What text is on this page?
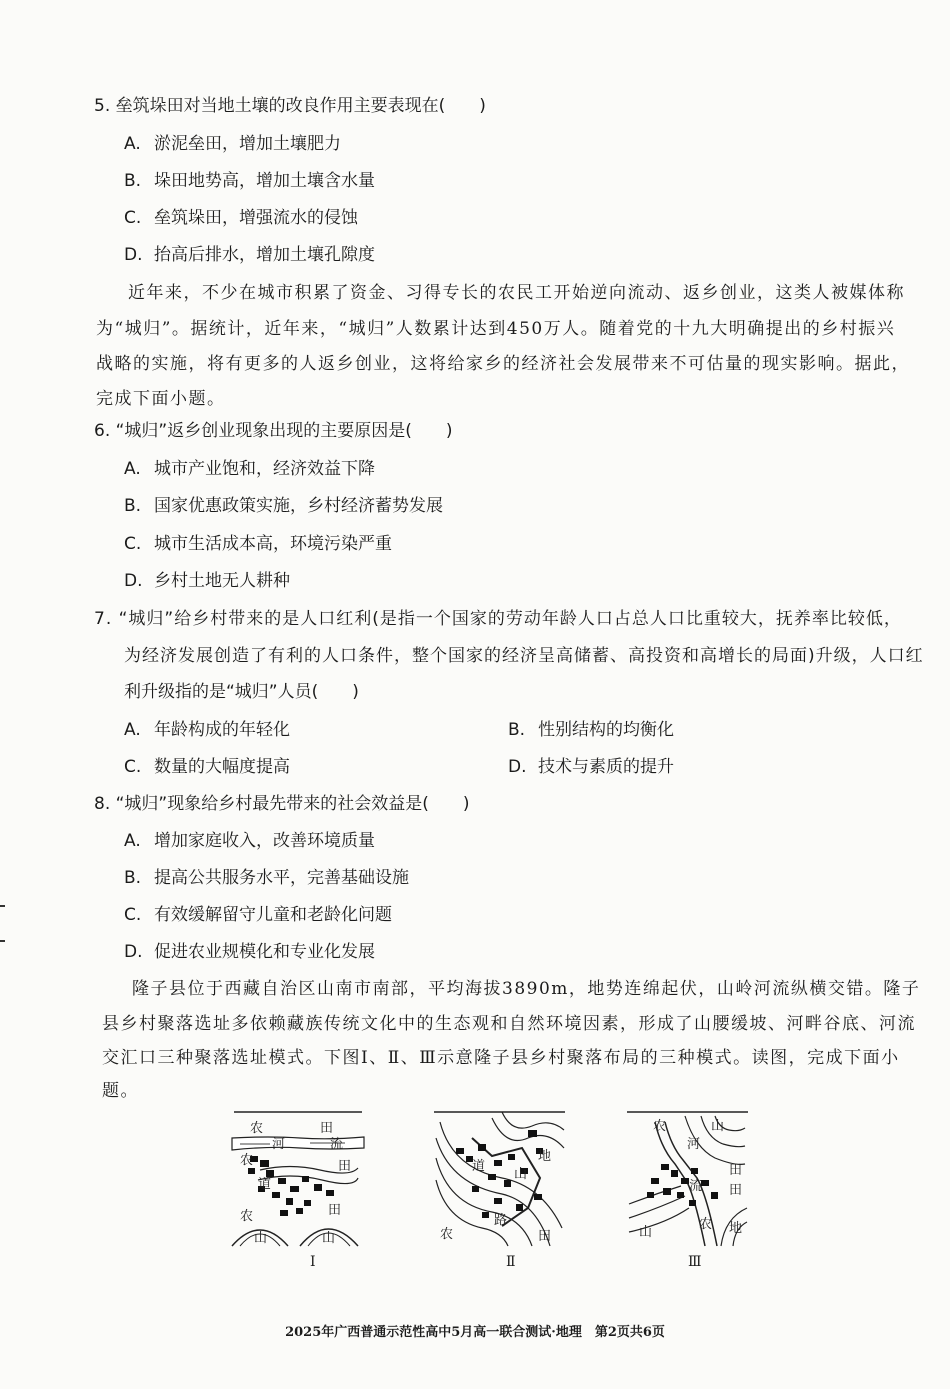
5. 垒筑垛田对当地土壤的改良作用主要表现在(　　)
A. 淤泥垒田，增加土壤肥力
B. 垛田地势高，增加土壤含水量
C. 垒筑垛田，增强流水的侵蚀
D. 抬高后排水，增加土壤孔隙度
近年来，不少在城市积累了资金、习得专长的农民工开始逆向流动、返乡创业，这类人被媒体称
为“城归”。据统计，近年来，“城归”人数累计达到450万人。随着党的十九大明确提出的乡村振兴
战略的实施，将有更多的人返乡创业，这将给家乡的经济社会发展带来不可估量的现实影响。据此，
完成下面小题。
6. “城归”返乡创业现象出现的主要原因是(　　)
A. 城市产业饱和，经济效益下降
B. 国家优惠政策实施，乡村经济蓄势发展
C. 城市生活成本高，环境污染严重
D. 乡村土地无人耕种
7. “城归”给乡村带来的是人口红利(是指一个国家的劳动年龄人口占总人口比重较大，抚养率比较低，
为经济发展创造了有利的人口条件，整个国家的经济呈高储蓄、高投资和高增长的局面)升级，人口红
利升级指的是“城归”人员(　　)
A. 年龄构成的年轻化	B. 性别结构的均衡化
C. 数量的大幅度提高	D. 技术与素质的提升
8. “城归”现象给乡村最先带来的社会效益是(　　)
A. 增加家庭收入，改善环境质量
B. 提高公共服务水平，完善基础设施
C. 有效缓解留守儿童和老龄化问题
D. 促进农业规模化和专业化发展
隆子县位于西藏自治区山南市南部，平均海拔3890m，地势连绵起伏，山岭河流纵横交错。隆子
县乡村聚落选址多依赖藏族传统文化中的生态观和自然环境因素，形成了山腰缓坡、河畔谷底、河流
交汇口三种聚落选址模式。下图Ⅰ、Ⅱ、Ⅲ示意隆子县乡村聚落布局的三种模式。读图，完成下面小
题。
农	田
河	流
农	田
道
农	田
山	山
Ⅰ
道
地
山
路
农	田
Ⅱ
农	山
河
田
田
流
山
农 地
Ⅲ
2025年广西普通示范性高中5月高一联合测试·地理　第2页共6页
